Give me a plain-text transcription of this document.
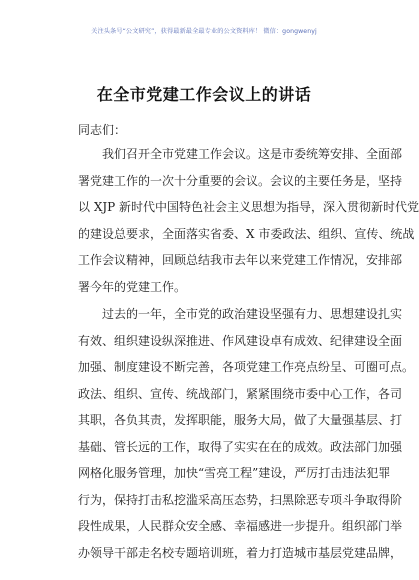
关注头条号“公文研究”，获得最新最全最专业的公文资料库！ 微信：gongwenyj
在全市党建工作会议上的讲话
同志们：
我们召开全市党建工作会议。这是市委统筹安排、全面部
署党建工作的一次十分重要的会议。会议的主要任务是，坚持
以 XJP 新时代中国特色社会主义思想为指导，深入贯彻新时代党
的建设总要求，全面落实省委、X 市委政法、组织、宣传、统战
工作会议精神，回顾总结我市去年以来党建工作情况，安排部
署今年的党建工作。
过去的一年，全市党的政治建设坚强有力、思想建设扎实
有效、组织建设纵深推进、作风建设卓有成效、纪律建设全面
加强、制度建设不断完善，各项党建工作亮点纷呈、可圈可点。
政法、组织、宣传、统战部门，紧紧围绕市委中心工作，各司
其职，各负其责，发挥职能，服务大局，做了大量强基层、打
基础、管长远的工作，取得了实实在在的成效。政法部门加强
网格化服务管理，加快“雪亮工程”建设，严厉打击违法犯罪
行为，保持打击私挖滥采高压态势，扫黑除恶专项斗争取得阶
段性成果，人民群众安全感、幸福感进一步提升。组织部门举
办领导干部走名校专题培训班，着力打造城市基层党建品牌，
